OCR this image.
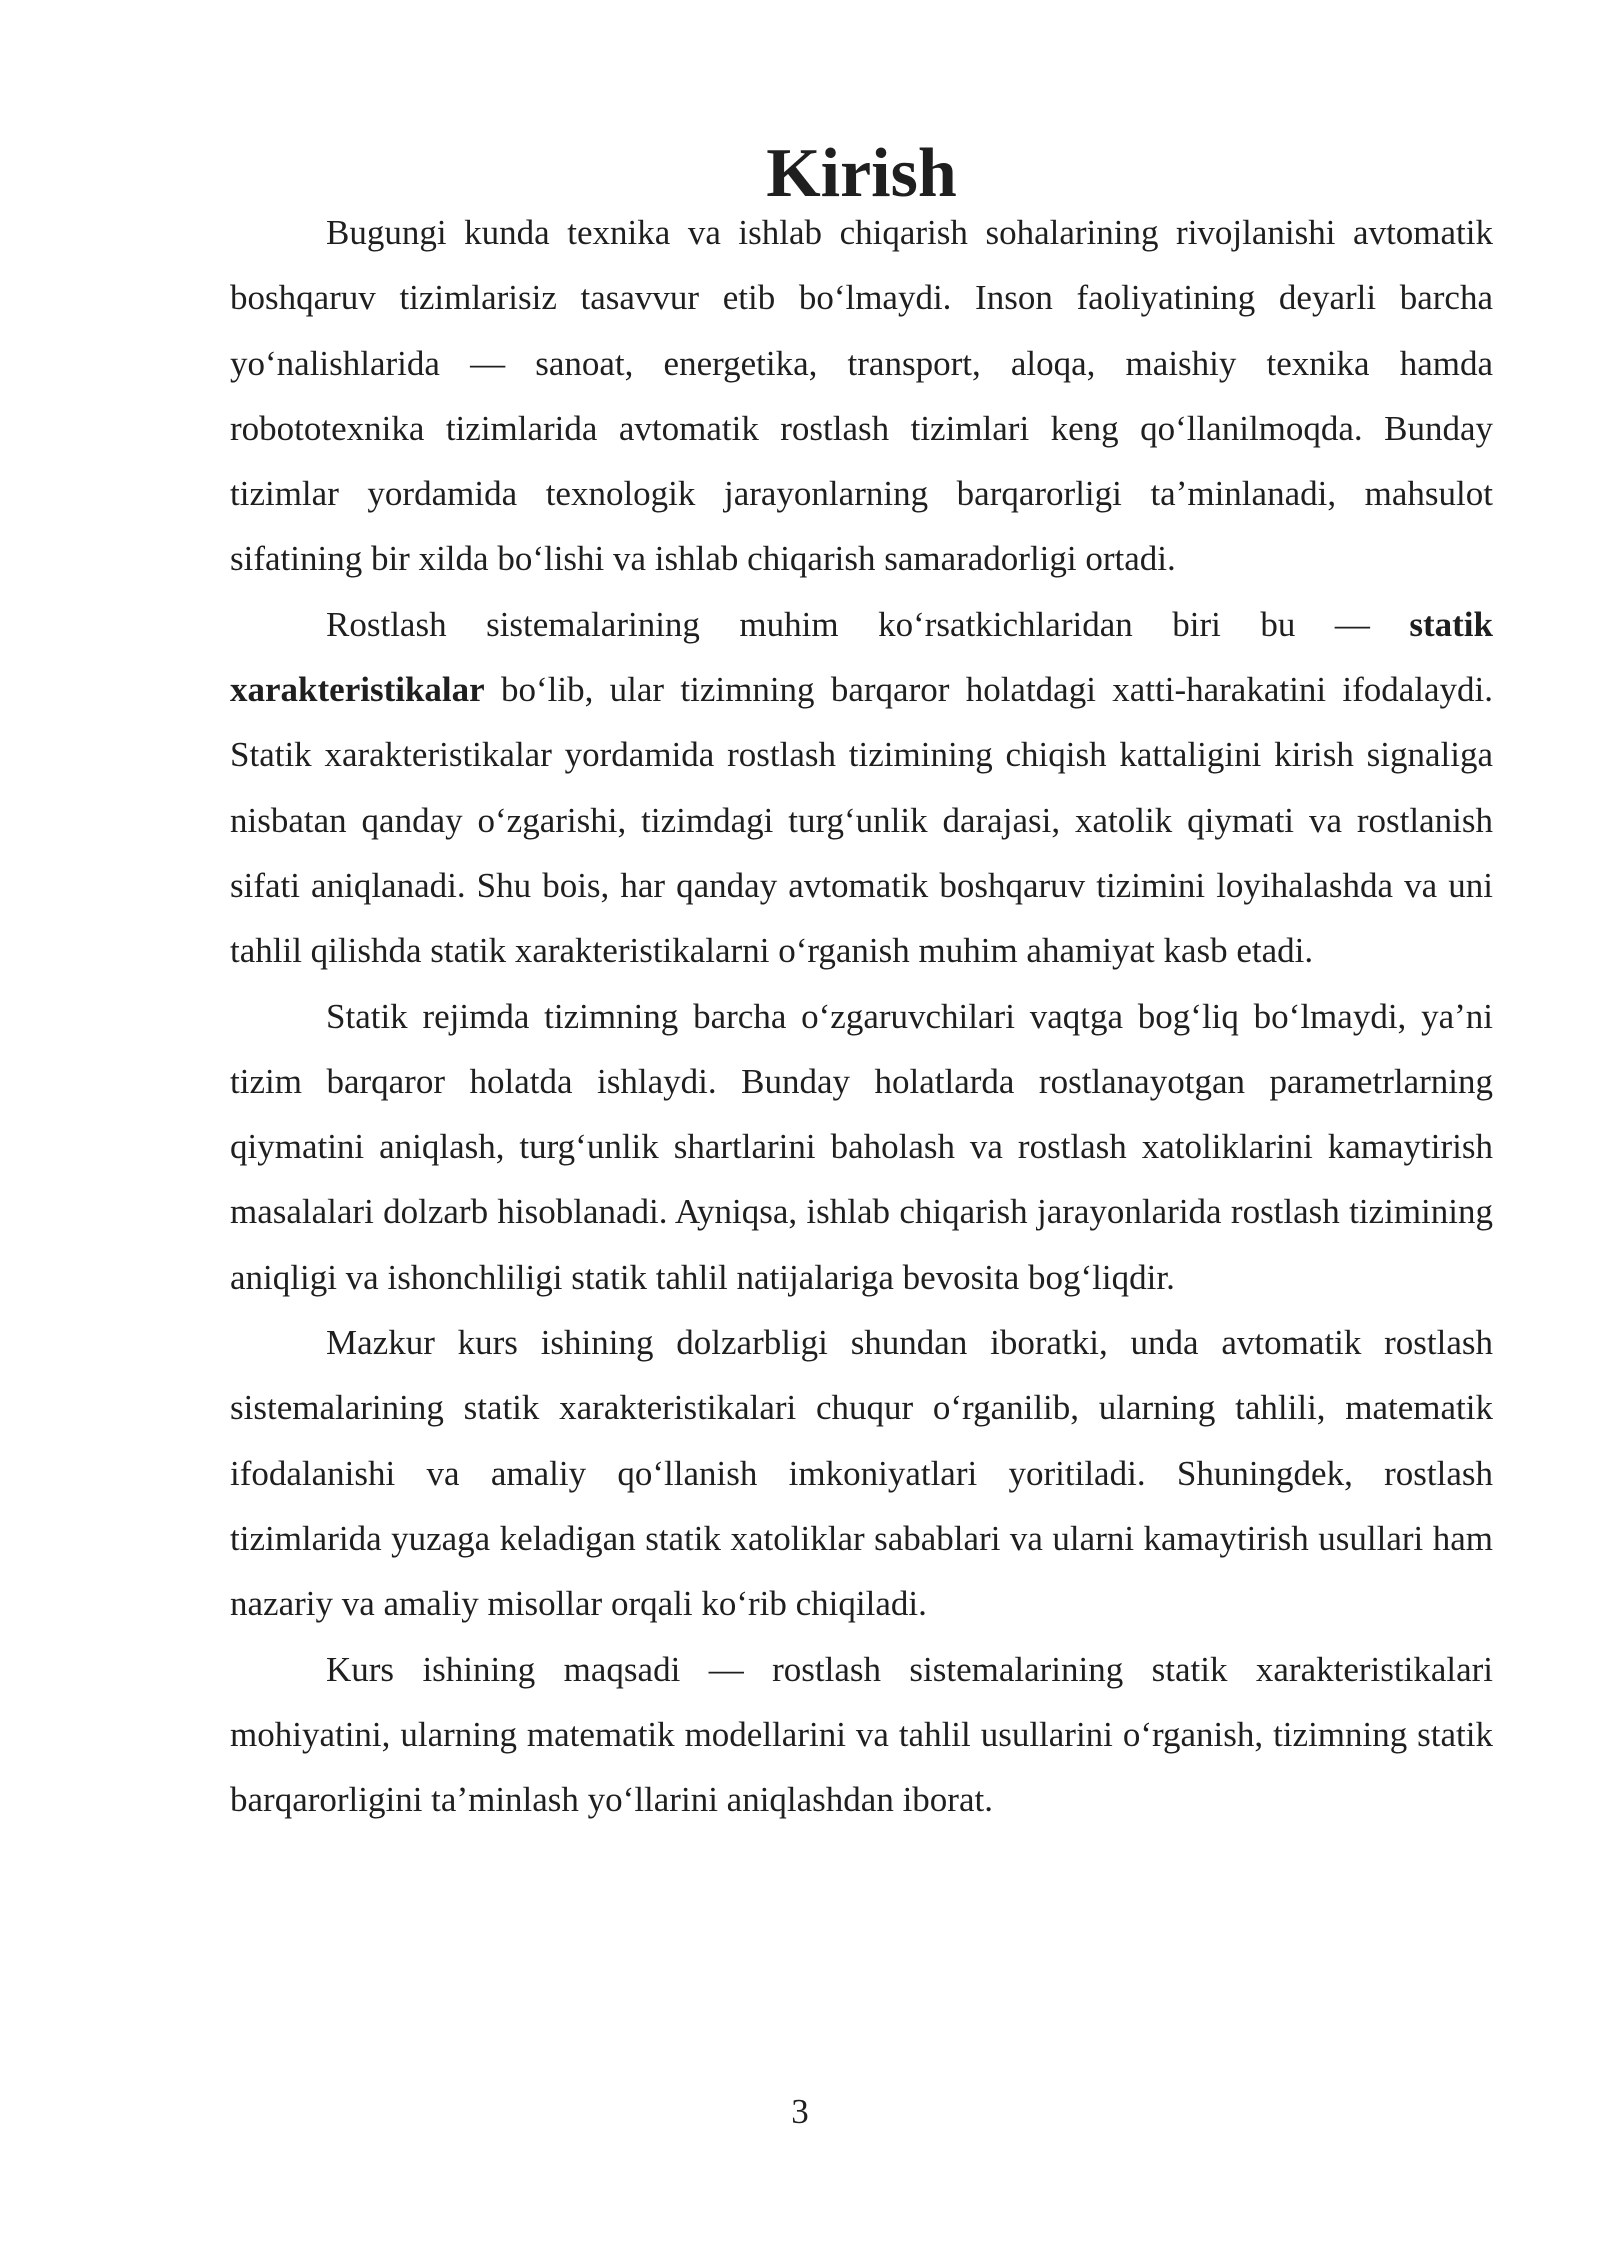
Kirish

Bugungi kunda texnika va ishlab chiqarish sohalarining rivojlanishi avtomatik boshqaruv tizimlarisiz tasavvur etib boʻlmaydi. Inson faoliyatining deyarli barcha yoʻnalishlarida — sanoat, energetika, transport, aloqa, maishiy texnika hamda robototexnika tizimlarida avtomatik rostlash tizimlari keng qoʻllanilmoqda. Bunday tizimlar yordamida texnologik jarayonlarning barqarorligi taʼminlanadi, mahsulot sifatining bir xilda boʻlishi va ishlab chiqarish samaradorligi ortadi.

Rostlash sistemalarining muhim koʻrsatkichlaridan biri bu — statik xarakteristikalar boʻlib, ular tizimning barqaror holatdagi xatti-harakatini ifodalaydi. Statik xarakteristikalar yordamida rostlash tizimining chiqish kattaligini kirish signaliga nisbatan qanday oʻzgarishi, tizimdagi turgʻunlik darajasi, xatolik qiymati va rostlanish sifati aniqlanadi. Shu bois, har qanday avtomatik boshqaruv tizimini loyihalashda va uni tahlil qilishda statik xarakteristikalarni oʻrganish muhim ahamiyat kasb etadi.

Statik rejimda tizimning barcha oʻzgaruvchilari vaqtga bogʻliq boʻlmaydi, yaʼni tizim barqaror holatda ishlaydi. Bunday holatlarda rostlanayotgan parametrlarning qiymatini aniqlash, turgʻunlik shartlarini baholash va rostlash xatoliklarini kamaytirish masalalari dolzarb hisoblanadi. Ayniqsa, ishlab chiqarish jarayonlarida rostlash tizimining aniqligi va ishonchliligi statik tahlil natijalariga bevosita bogʻliqdir.

Mazkur kurs ishining dolzarbligi shundan iboratki, unda avtomatik rostlash sistemalarining statik xarakteristikalari chuqur oʻrganilib, ularning tahlili, matematik ifodalanishi va amaliy qoʻllanish imkoniyatlari yoritiladi. Shuningdek, rostlash tizimlarida yuzaga keladigan statik xatoliklar sabablari va ularni kamaytirish usullari ham nazariy va amaliy misollar orqali koʻrib chiqiladi.

Kurs ishining maqsadi — rostlash sistemalarining statik xarakteristikalari mohiyatini, ularning matematik modellarini va tahlil usullarini oʻrganish, tizimning statik barqarorligini taʼminlash yoʻllarini aniqlashdan iborat.

3
